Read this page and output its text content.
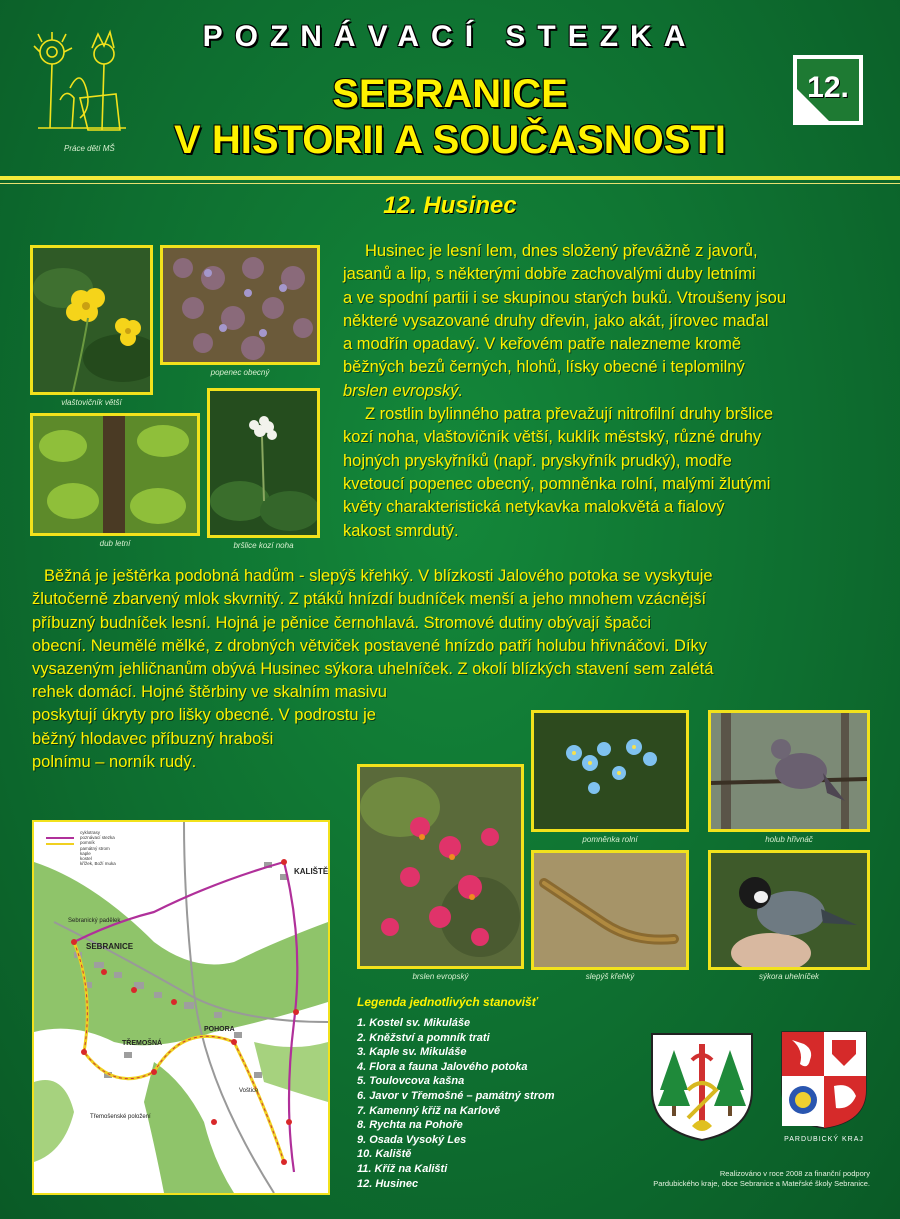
Práce dětí MŠ
POZNÁVACÍ STEZKA
SEBRANICE
V HISTORII A SOUČASNOSTI
12.
12. Husinec
vlaštovičník větší
popenec obecný
dub letní	bršlice kozí noha
Husinec je lesní lem, dnes složený převážně z javorů,
jasanů a lip, s některými dobře zachovalými duby letními
a ve spodní partii i se skupinou starých buků. Vtroušeny jsou
některé vysazované druhy dřevin, jako akát, jírovec maďal
a modřín opadavý. V keřovém patře nalezneme kromě
běžných bezů černých, hlohů, lísky obecné i teplomilný
brslen evropský.
Z rostlin bylinného patra převažují nitrofilní druhy bršlice
kozí noha, vlaštovičník větší, kuklík městský, různé druhy
hojných pryskyřníků (např. pryskyřník prudký), modře
kvetoucí popenec obecný, pomněnka rolní, malými žlutými
květy charakteristická netykavka malokvětá a fialový
kakost smrdutý.
Běžná je ještěrka podobná hadům - slepýš křehký. V blízkosti Jalového potoka se vyskytuje
žlutočerně zbarvený mlok skvrnitý. Z ptáků hnízdí budníček menší a jeho mnohem vzácnější
příbuzný budníček lesní. Hojná je pěnice černohlavá. Stromové dutiny obývají špačci
obecní. Neumělé mělké, z drobných větviček postavené hnízdo patří holubu hřivnáčovi. Díky
vysazeným jehličnanům obývá Husinec sýkora uhelníček. Z okolí blízkých stavení sem zalétá
rehek domácí. Hojné štěrbiny ve skalním masivu
poskytují úkryty pro lišky obecné. V podrostu je
běžný hlodavec příbuzný hraboši
polnímu – norník rudý.
brslen evropský
pomněnka rolní	holub hřivnáč
slepýš křehký	sýkora uhelníček
cyklotrasy
poznávací stezka
pomník
památný strom
kaple
kostel
křížek, Boží muka
KALIŠTĚ
SEBRANICE
Sebranický padělek
POHORA
TŘEMOŠNÁ
Voštice
Třemošenské položení
Legenda jednotlivých stanovišť
1. Kostel sv. Mikuláše
2. Kněžství a pomník trati
3. Kaple sv. Mikuláše
4. Flora a fauna Jalového potoka
5. Toulovcova kašna
6. Javor v Třemošné – památný strom
7. Kamenný kříž na Karlově
8. Rychta na Pohoře
9. Osada Vysoký Les
10. Kaliště
11. Kříž na Kališti
12. Husinec
PARDUBICKÝ KRAJ
Realizováno v roce 2008 za finanční podpory
Pardubického kraje, obce Sebranice a Mateřské školy Sebranice.
